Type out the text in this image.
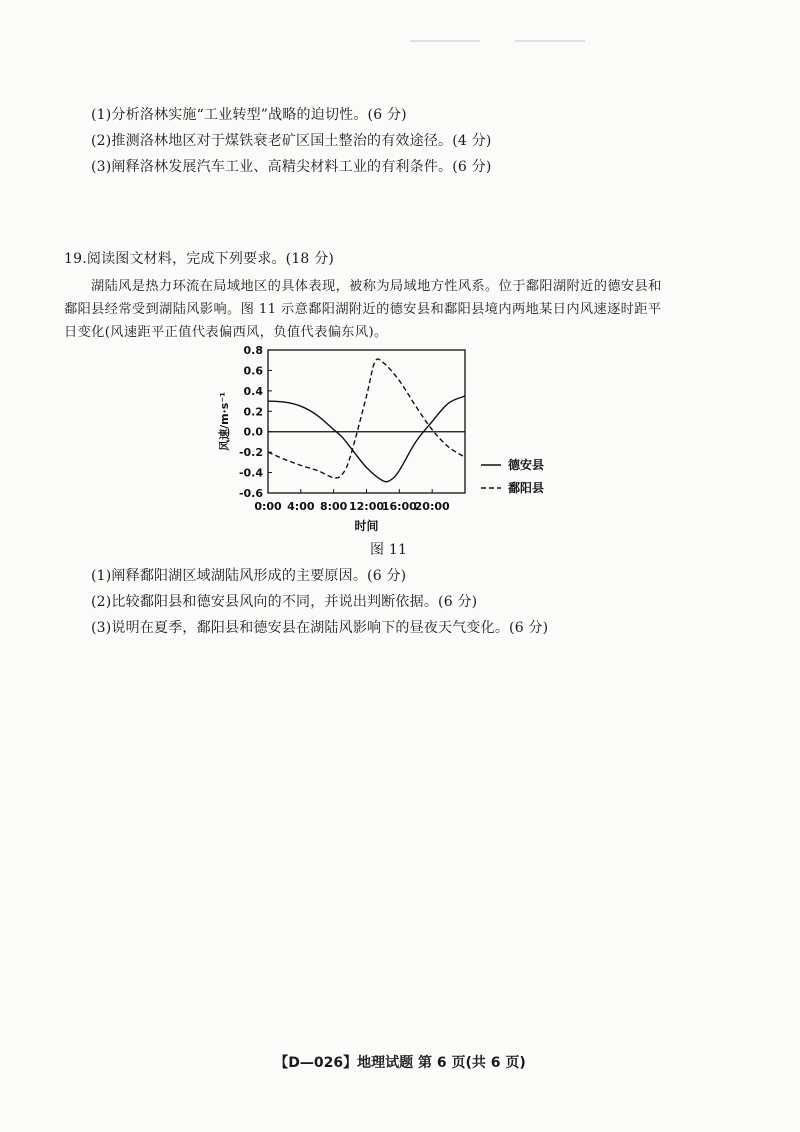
(1)分析洛林实施“工业转型”战略的迫切性。(6 分)
(2)推测洛林地区对于煤铁衰老矿区国土整治的有效途径。(4 分)
(3)阐释洛林发展汽车工业、高精尖材料工业的有利条件。(6 分)
19.阅读图文材料，完成下列要求。(18 分)
湖陆风是热力环流在局域地区的具体表现，被称为局域地方性风系。位于鄱阳湖附近的德安县和
鄱阳县经常受到湖陆风影响。图 11 示意鄱阳湖附近的德安县和鄱阳县境内两地某日内风速逐时距平
日变化(风速距平正值代表偏西风，负值代表偏东风)。
0.8
0.6
0.4
0.2
0.0
-0.2
-0.4
-0.6
0:00 4:00 8:00 12:00
16:00
20:00
时间
风速/m·s⁻¹
德安县
鄱阳县
图 11
(1)阐释鄱阳湖区域湖陆风形成的主要原因。(6 分)
(2)比较鄱阳县和德安县风向的不同，并说出判断依据。(6 分)
(3)说明在夏季，鄱阳县和德安县在湖陆风影响下的昼夜天气变化。(6 分)
【D—026】地理试题 第 6 页(共 6 页)
